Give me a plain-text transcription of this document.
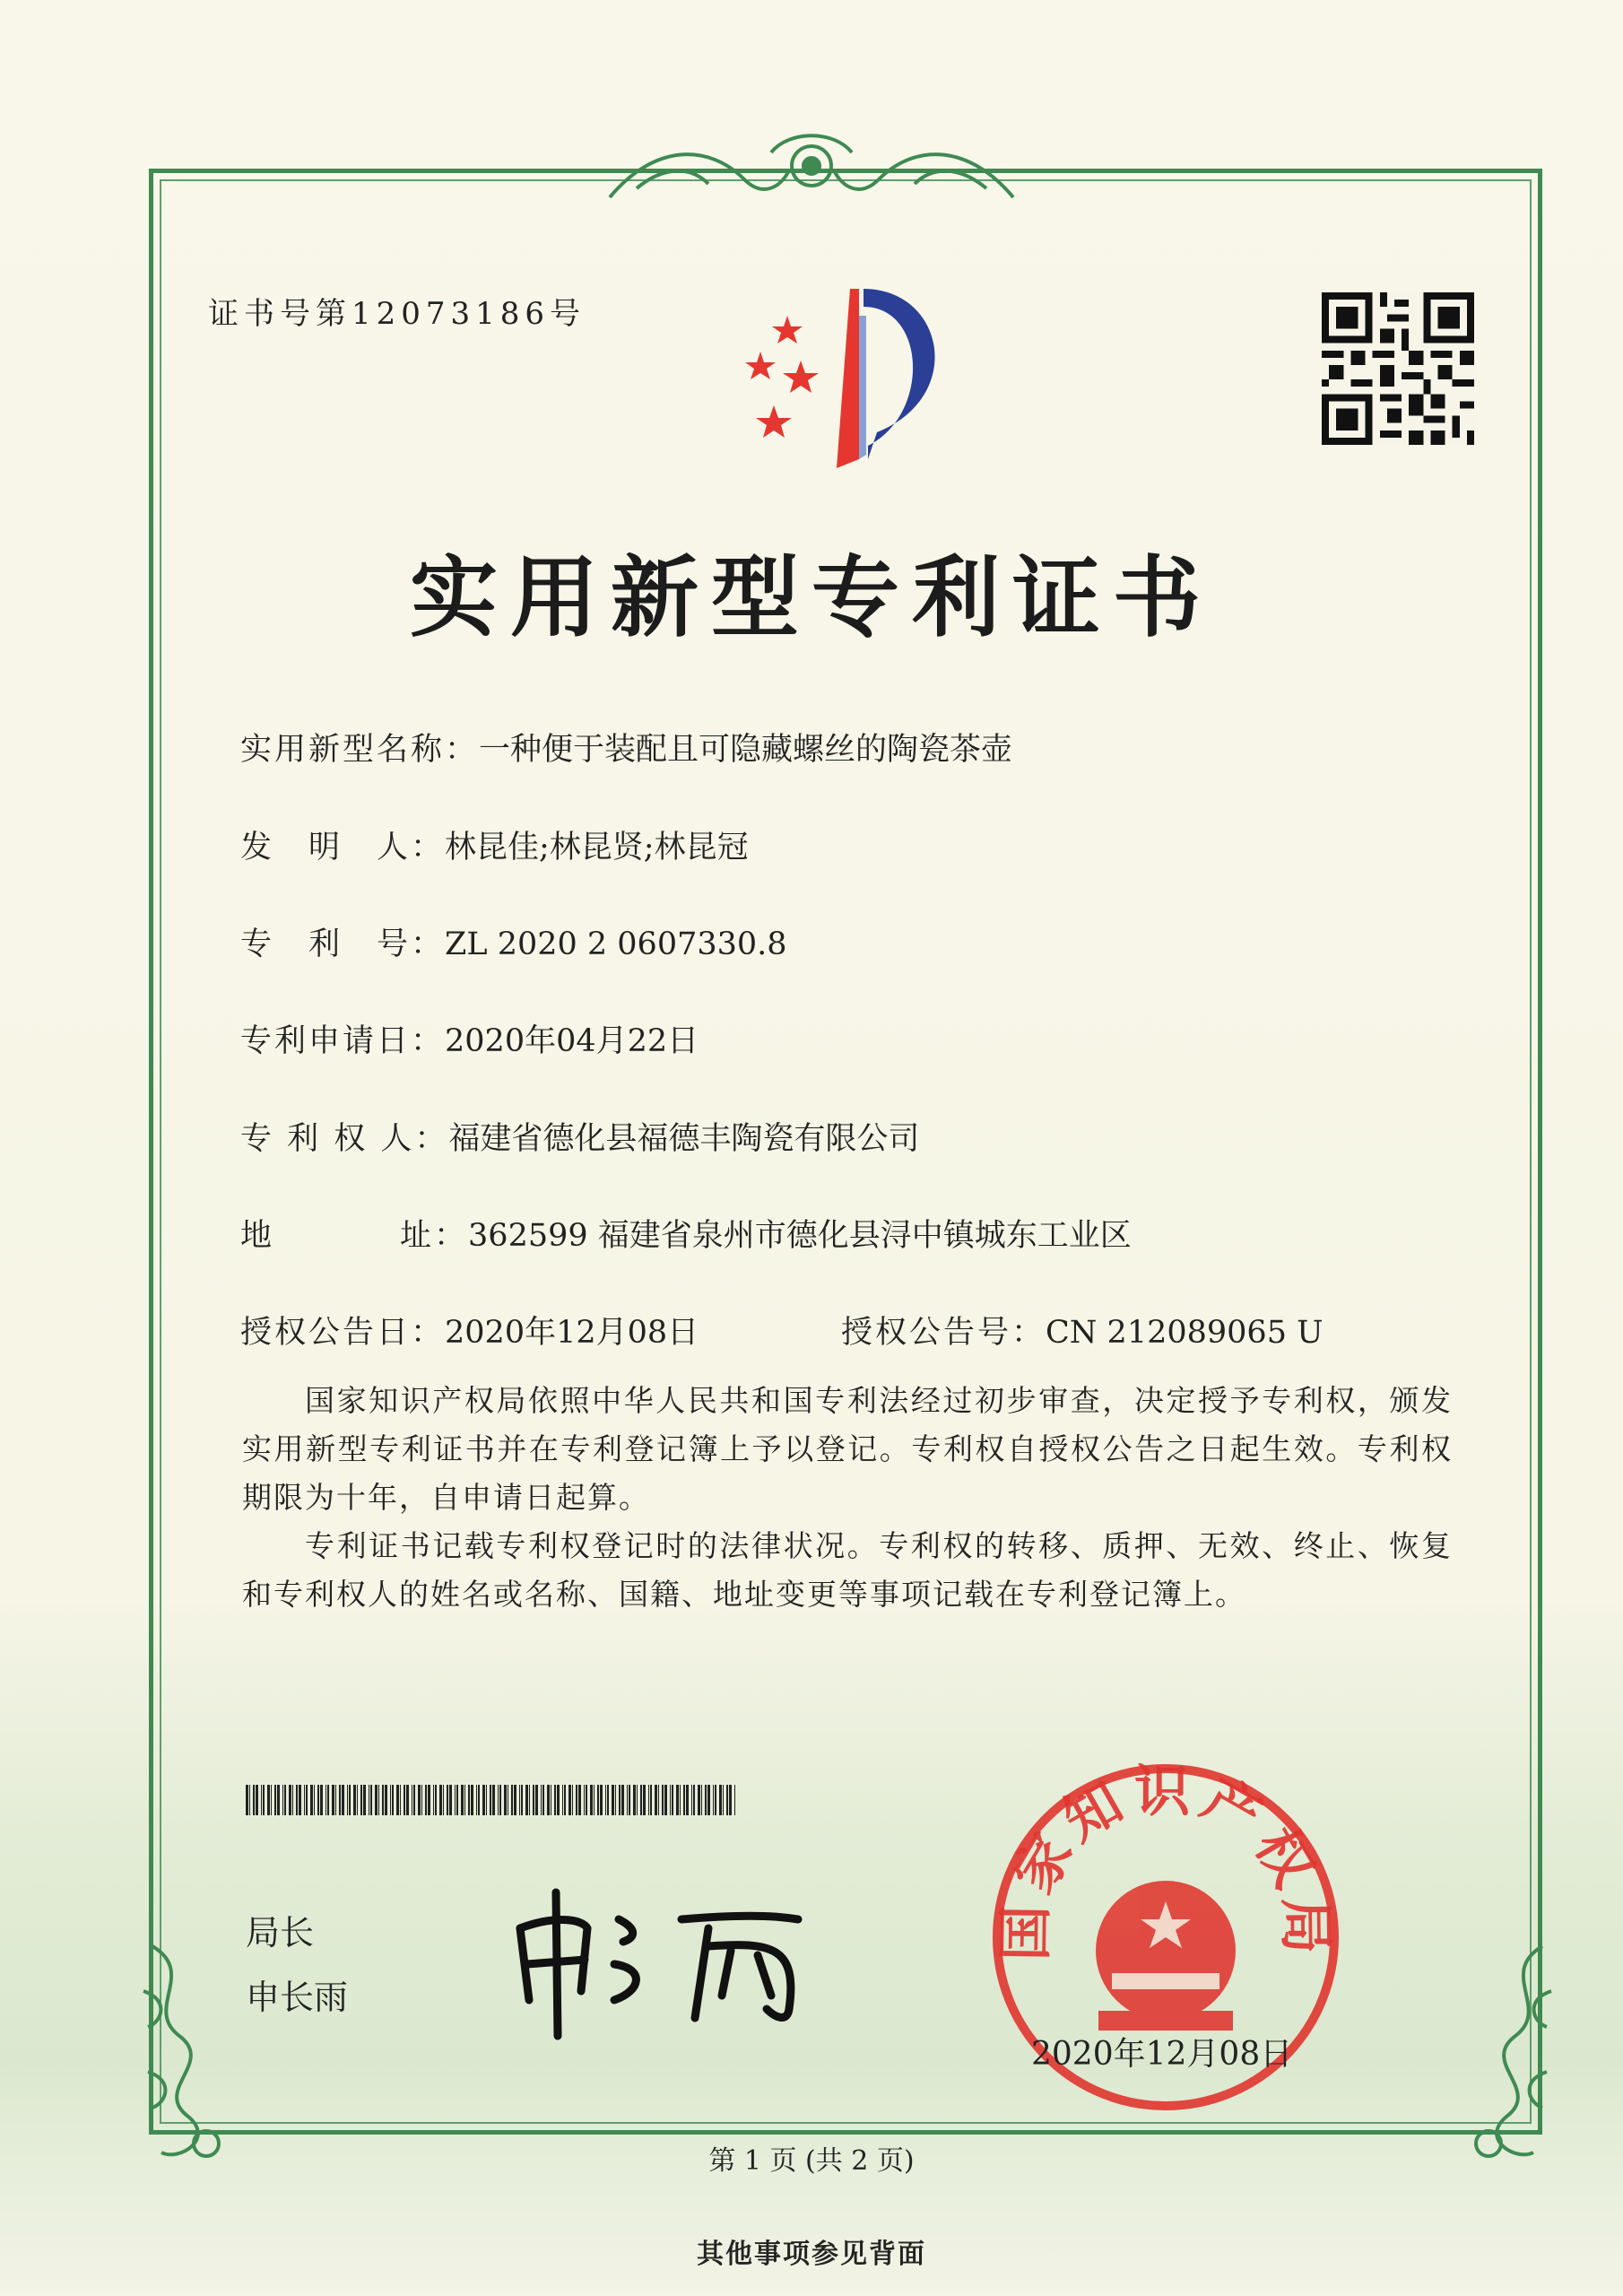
证书号第12073186号
实用新型专利证书
实用新型名称：一种便于装配且可隐藏螺丝的陶瓷茶壶
发　明　人：林昆佳;林昆贤;林昆冠
专　利　号：ZL 2020 2 0607330.8
专利申请日：2020年04月22日
专 利 权 人：福建省德化县福德丰陶瓷有限公司
地	址：362599 福建省泉州市德化县浔中镇城东工业区
授权公告日：2020年12月08日	授权公告号：CN 212089065 U
国家知识产权局依照中华人民共和国专利法经过初步审查，决定授予专利权，颁发实用新型专利证书并在专利登记簿上予以登记。专利权自授权公告之日起生效。专利权期限为十年，自申请日起算。
专利证书记载专利权登记时的法律状况。专利权的转移、质押、无效、终止、恢复和专利权人的姓名或名称、国籍、地址变更等事项记载在专利登记簿上。
局长
申长雨
国家知识产权局
2020年12月08日
第 1 页 (共 2 页)
其他事项参见背面
